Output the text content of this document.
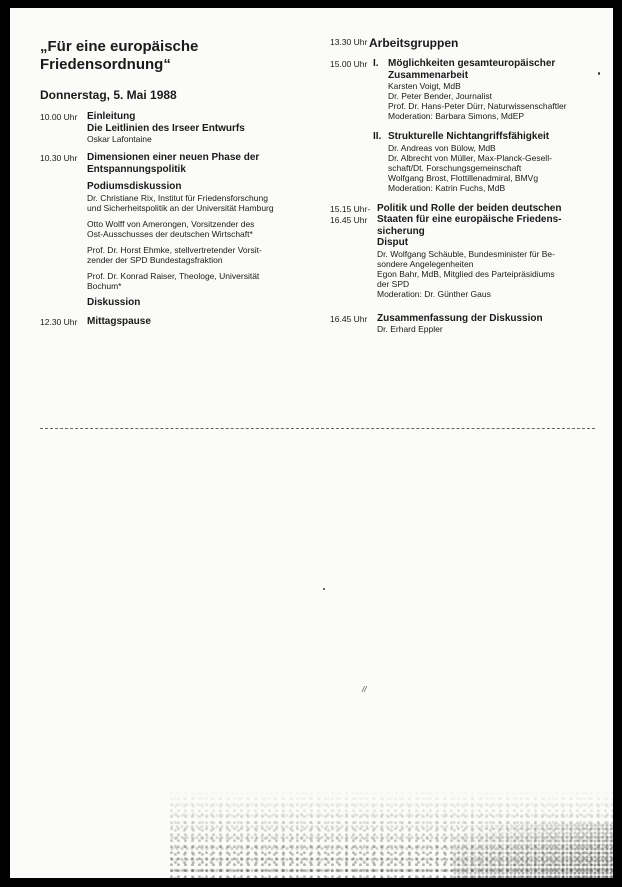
„Für eine europäische
Friedensordnung“
Donnerstag, 5. Mai 1988
10.00 Uhr Einleitung
Die Leitlinien des Irseer Entwurfs
Oskar Lafontaine
10.30 Uhr Dimensionen einer neuen Phase der
Entspannungspolitik
Podiumsdiskussion
Dr. Christiane Rix, Institut für Friedensforschung
und Sicherheitspolitik an der Universität Hamburg
Otto Wolff von Amerongen, Vorsitzender des
Ost-Ausschusses der deutschen Wirtschaft*
Prof. Dr. Horst Ehmke, stellvertretender Vorsit-
zender der SPD Bundestagsfraktion
Prof. Dr. Konrad Raiser, Theologe, Universität
Bochum*
Diskussion
12.30 Uhr Mittagspause
13.30 Uhr Arbeitsgruppen
15.00 Uhr I. Möglichkeiten gesamteuropäischer
Zusammenarbeit
Karsten Voigt, MdB
Dr. Peter Bender, Journalist
Prof. Dr. Hans-Peter Dürr, Naturwissenschaftler
Moderation: Barbara Simons, MdEP
II. Strukturelle Nichtangriffsfähigkeit
Dr. Andreas von Bülow, MdB
Dr. Albrecht von Müller, Max-Planck-Gesell-
schaft/Dt. Forschungsgemeinschaft
Wolfgang Brost, Flottillenadmiral, BMVg
Moderation: Katrin Fuchs, MdB
15.15 Uhr-
16.45 Uhr
Politik und Rolle der beiden deutschen
Staaten für eine europäische Friedens-
sicherung
Disput
Dr. Wolfgang Schäuble, Bundesminister für Be-
sondere Angelegenheiten
Egon Bahr, MdB, Mitglied des Parteipräsidiums
der SPD
Moderation: Dr. Günther Gaus
16.45 Uhr Zusammenfassung der Diskussion
Dr. Erhard Eppler
//
